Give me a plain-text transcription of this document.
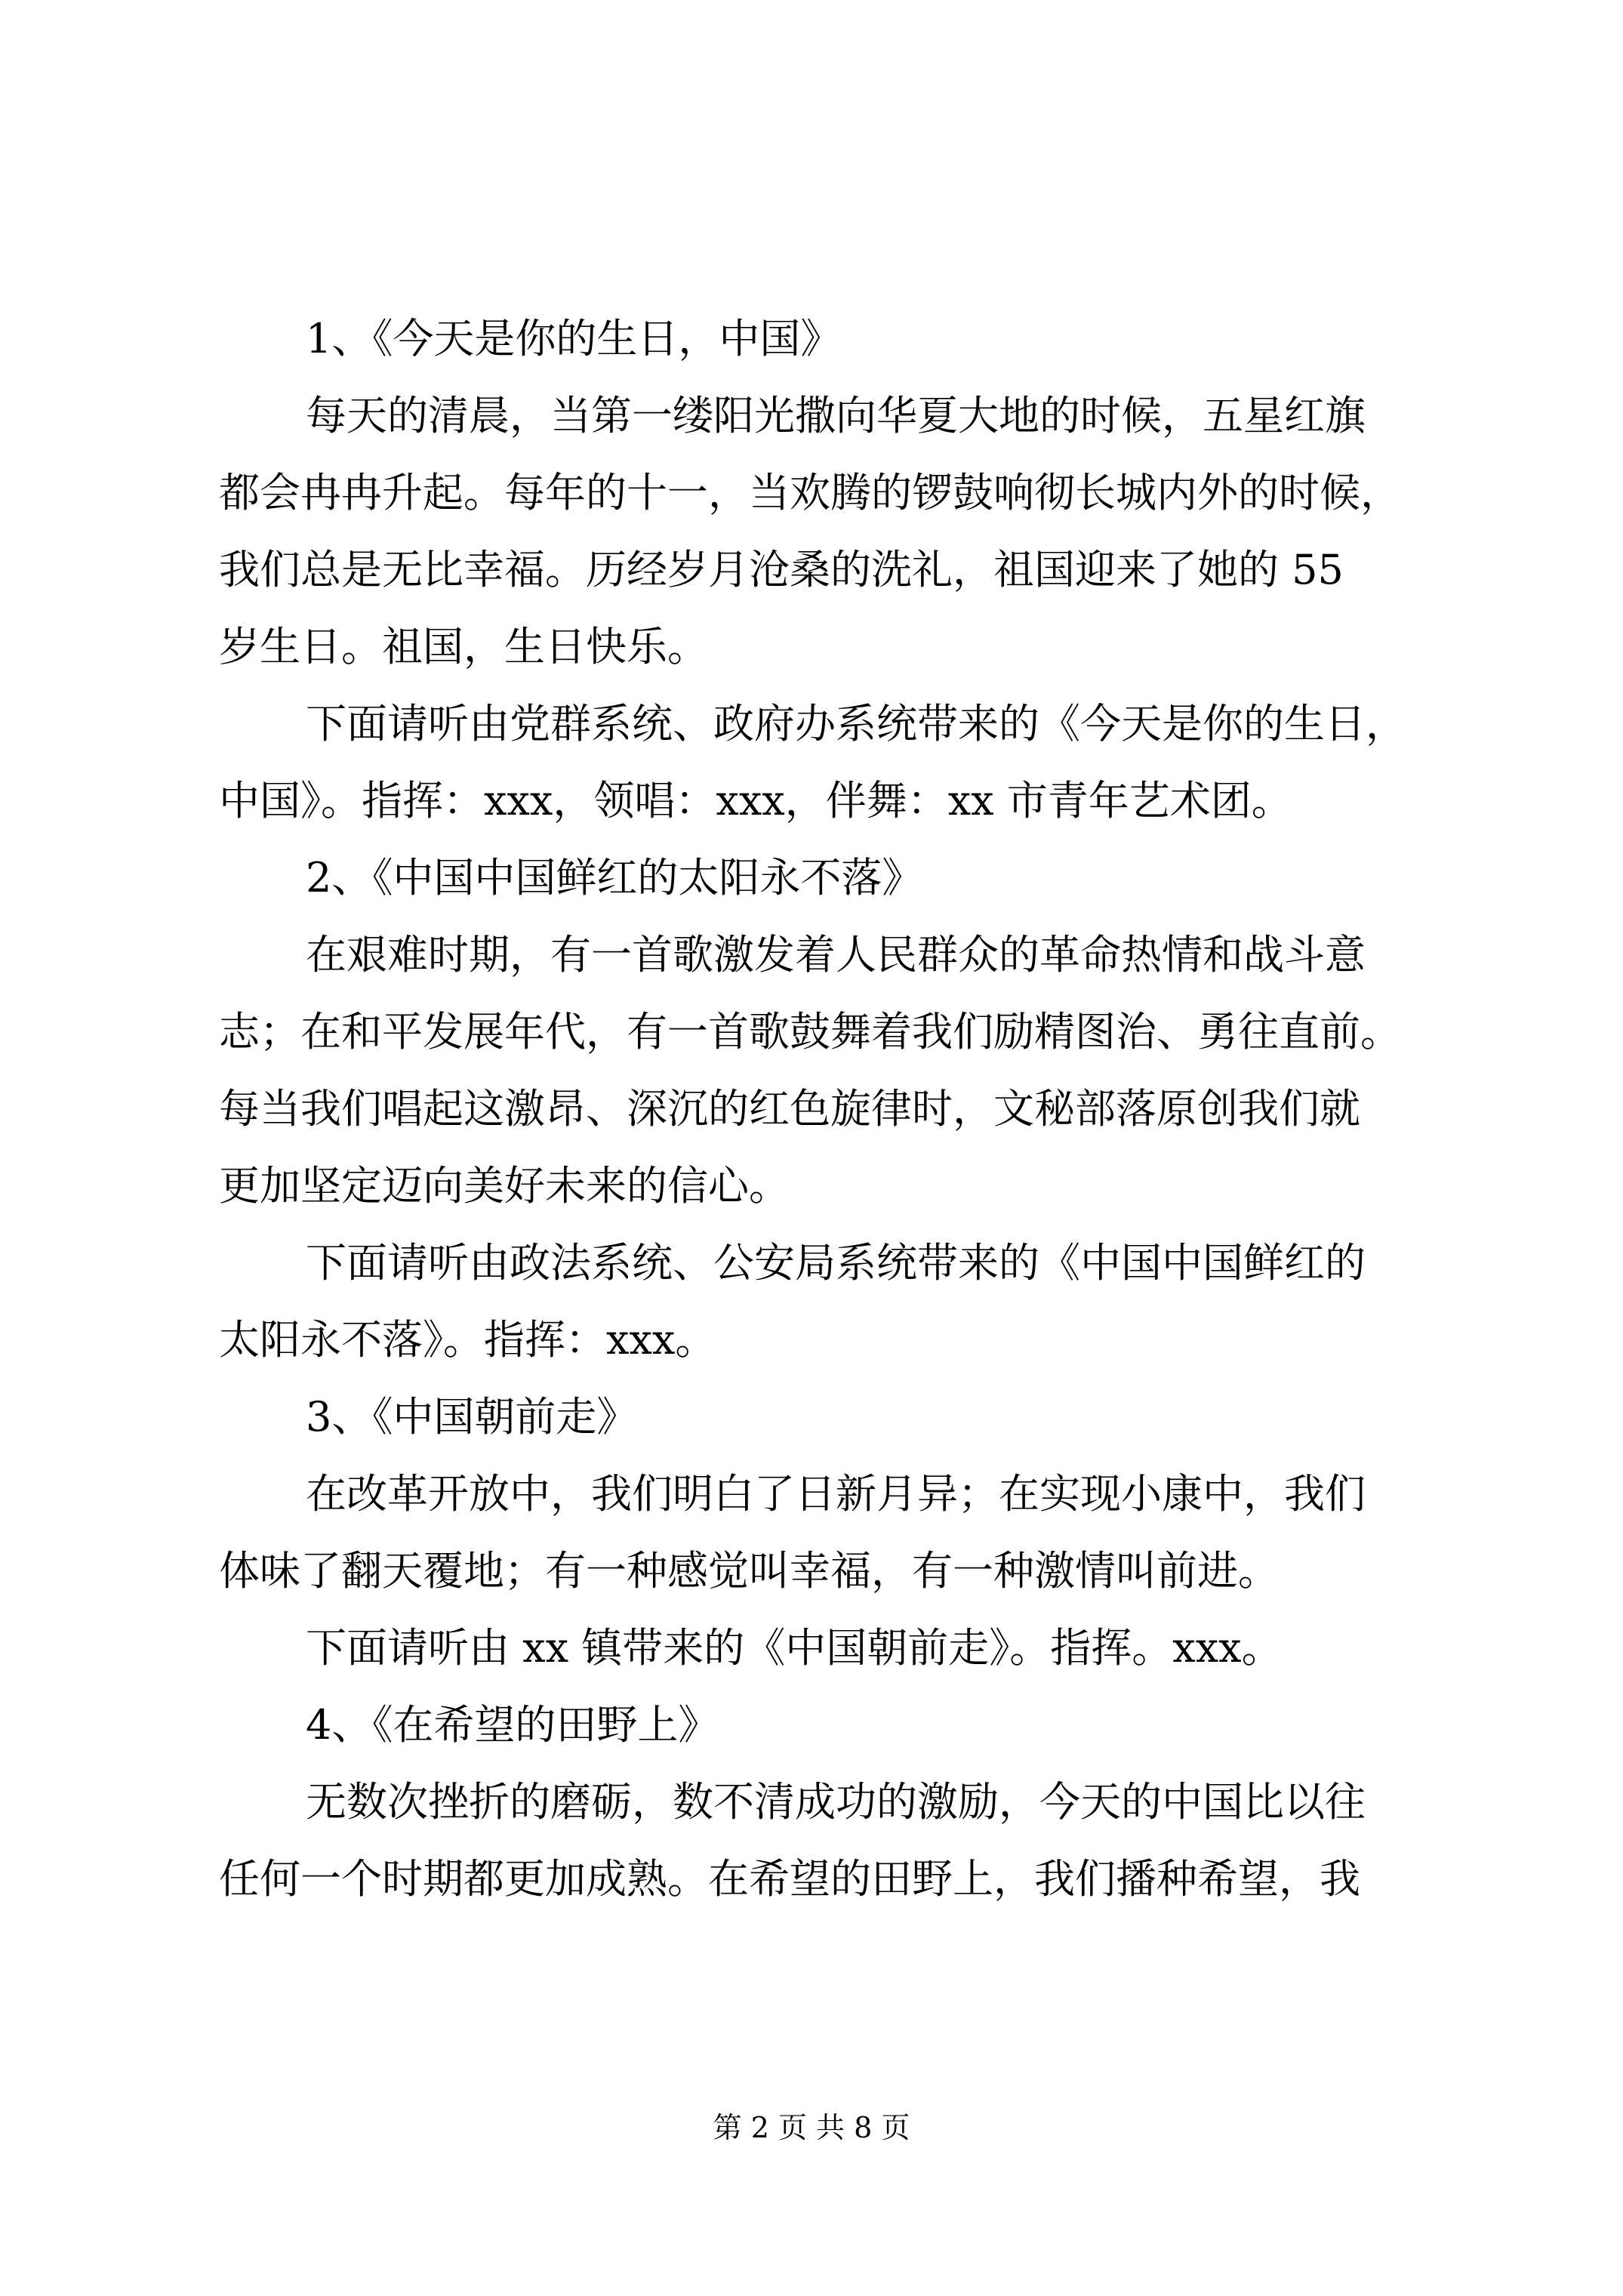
1、《今天是你的生日，中国》
每天的清晨，当第一缕阳光撒向华夏大地的时候，五星红旗
都会冉冉升起。每年的十一，当欢腾的锣鼓响彻长城内外的时候，
我们总是无比幸福。历经岁月沧桑的洗礼，祖国迎来了她的 55
岁生日。祖国，生日快乐。
下面请听由党群系统、政府办系统带来的《今天是你的生日，
中国》。指挥：xxx，领唱：xxx，伴舞：xx 市青年艺术团。
2、《中国中国鲜红的太阳永不落》
在艰难时期，有一首歌激发着人民群众的革命热情和战斗意
志；在和平发展年代，有一首歌鼓舞着我们励精图治、勇往直前。
每当我们唱起这激昂、深沉的红色旋律时，文秘部落原创我们就
更加坚定迈向美好未来的信心。
下面请听由政法系统、公安局系统带来的《中国中国鲜红的
太阳永不落》。指挥：xxx。
3、《中国朝前走》
在改革开放中，我们明白了日新月异；在实现小康中，我们
体味了翻天覆地；有一种感觉叫幸福，有一种激情叫前进。
下面请听由 xx 镇带来的《中国朝前走》。指挥。xxx。
4、《在希望的田野上》
无数次挫折的磨砺，数不清成功的激励，今天的中国比以往
任何一个时期都更加成熟。在希望的田野上，我们播种希望，我
第 2 页 共 8 页
